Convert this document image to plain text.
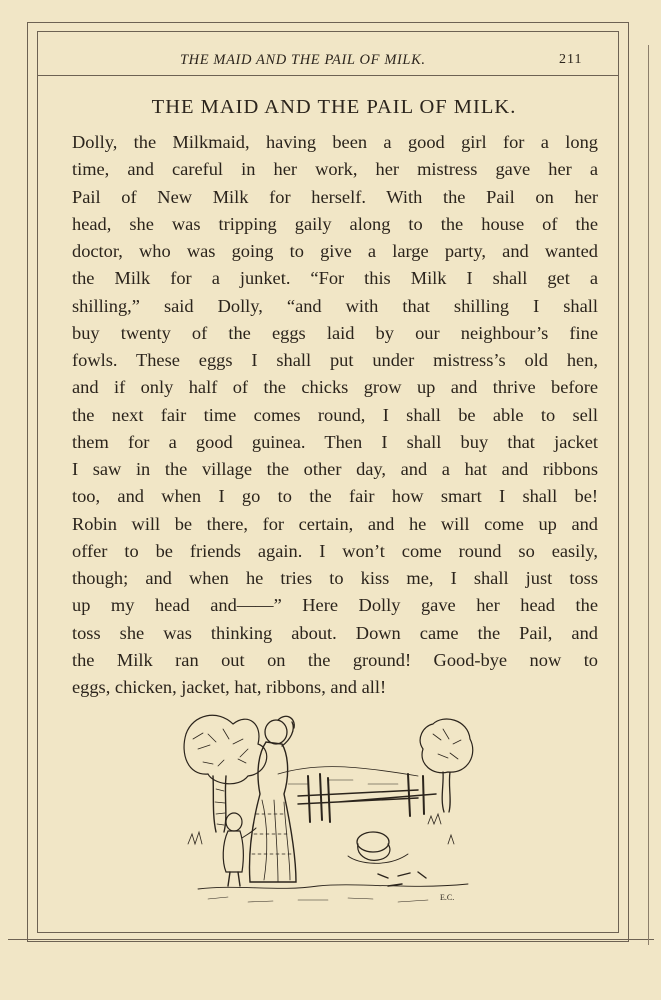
THE MAID AND THE PAIL OF MILK.	211
THE MAID AND THE PAIL OF MILK.
Dolly, the Milkmaid, having been a good girl for a long
time, and careful in her work, her mistress gave her a
Pail of New Milk for herself. With the Pail on her
head, she was tripping gaily along to the house of the
doctor, who was going to give a large party, and wanted
the Milk for a junket. “For this Milk I shall get a
shilling,” said Dolly, “and with that shilling I shall
buy twenty of the eggs laid by our neighbour’s fine
fowls. These eggs I shall put under mistress’s old hen,
and if only half of the chicks grow up and thrive before
the next fair time comes round, I shall be able to sell
them for a good guinea. Then I shall buy that jacket
I saw in the village the other day, and a hat and ribbons
too, and when I go to the fair how smart I shall be!
Robin will be there, for certain, and he will come up and
offer to be friends again. I won’t come round so easily,
though; and when he tries to kiss me, I shall just toss
up my head and——” Here Dolly gave her head the
toss she was thinking about. Down came the Pail, and
the Milk ran out on the ground! Good-bye now to
eggs, chicken, jacket, hat, ribbons, and all!
E.C.
